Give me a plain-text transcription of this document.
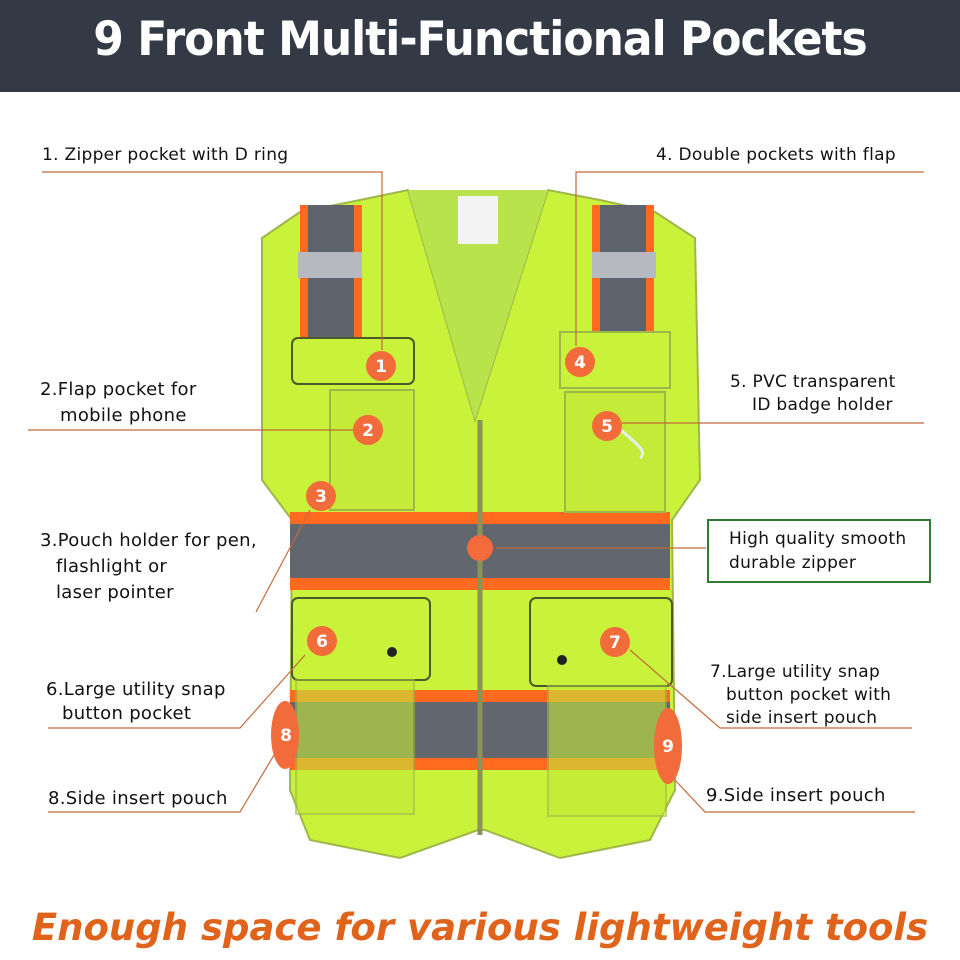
9 Front Multi-Functional Pockets
1
2
3
4
5
6	7
8
9
1. Zipper pocket with D ring
2.Flap pocket for
mobile phone
3.Pouch holder for pen,
flashlight or
laser pointer
4. Double pockets with flap
5. PVC transparent
ID badge holder
High quality smooth
durable zipper
6.Large utility snap
button pocket
7.Large utility snap
button pocket with
side insert pouch
8.Side insert pouch	9.Side insert pouch
Enough space for various lightweight tools
